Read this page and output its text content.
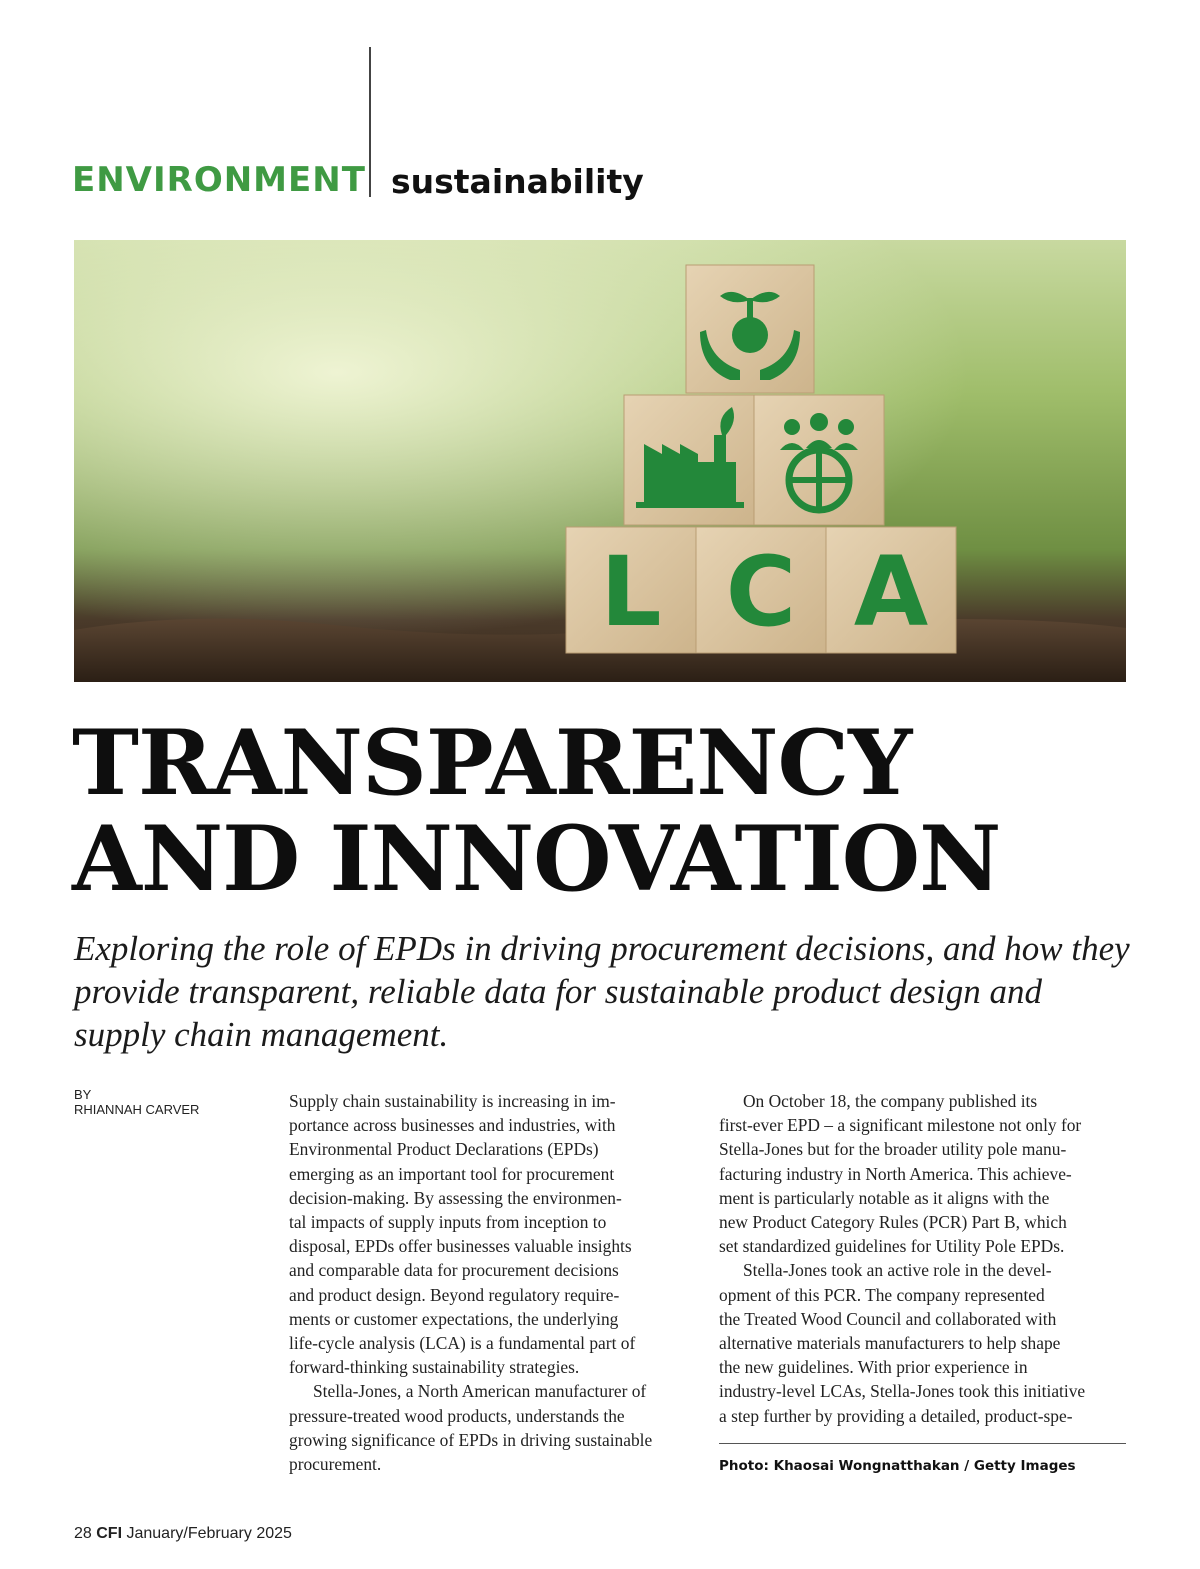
ENVIRONMENT sustainability
L C A
TRANSPARENCY
AND INNOVATION

Exploring the role of EPDs in driving procurement decisions, and how they provide transparent, reliable data for sustainable product design and supply chain management.

BY
RHIANNAH CARVER	Supply chain sustainability is increasing in im-
portance across businesses and industries, with
Environmental Product Declarations (EPDs)
emerging as an important tool for procurement
decision-making. By assessing the environmen-
tal impacts of supply inputs from inception to
disposal, EPDs offer businesses valuable insights
and comparable data for procurement decisions
and product design. Beyond regulatory require-
ments or customer expectations, the underlying
life-cycle analysis (LCA) is a fundamental part of
forward-thinking sustainability strategies.

Stella-Jones, a North American manufacturer of
pressure-treated wood products, understands the
growing significance of EPDs in driving sustainable
procurement.

On October 18, the company published its
first-ever EPD – a significant milestone not only for
Stella-Jones but for the broader utility pole manu-
facturing industry in North America. This achieve-
ment is particularly notable as it aligns with the
new Product Category Rules (PCR) Part B, which
set standardized guidelines for Utility Pole EPDs.

Stella-Jones took an active role in the devel-
opment of this PCR. The company represented
the Treated Wood Council and collaborated with
alternative materials manufacturers to help shape
the new guidelines. With prior experience in
industry-level LCAs, Stella-Jones took this initiative
a step further by providing a detailed, product-spe-

Photo: Khaosai Wongnatthakan / Getty Images

28 CFI January/February 2025
